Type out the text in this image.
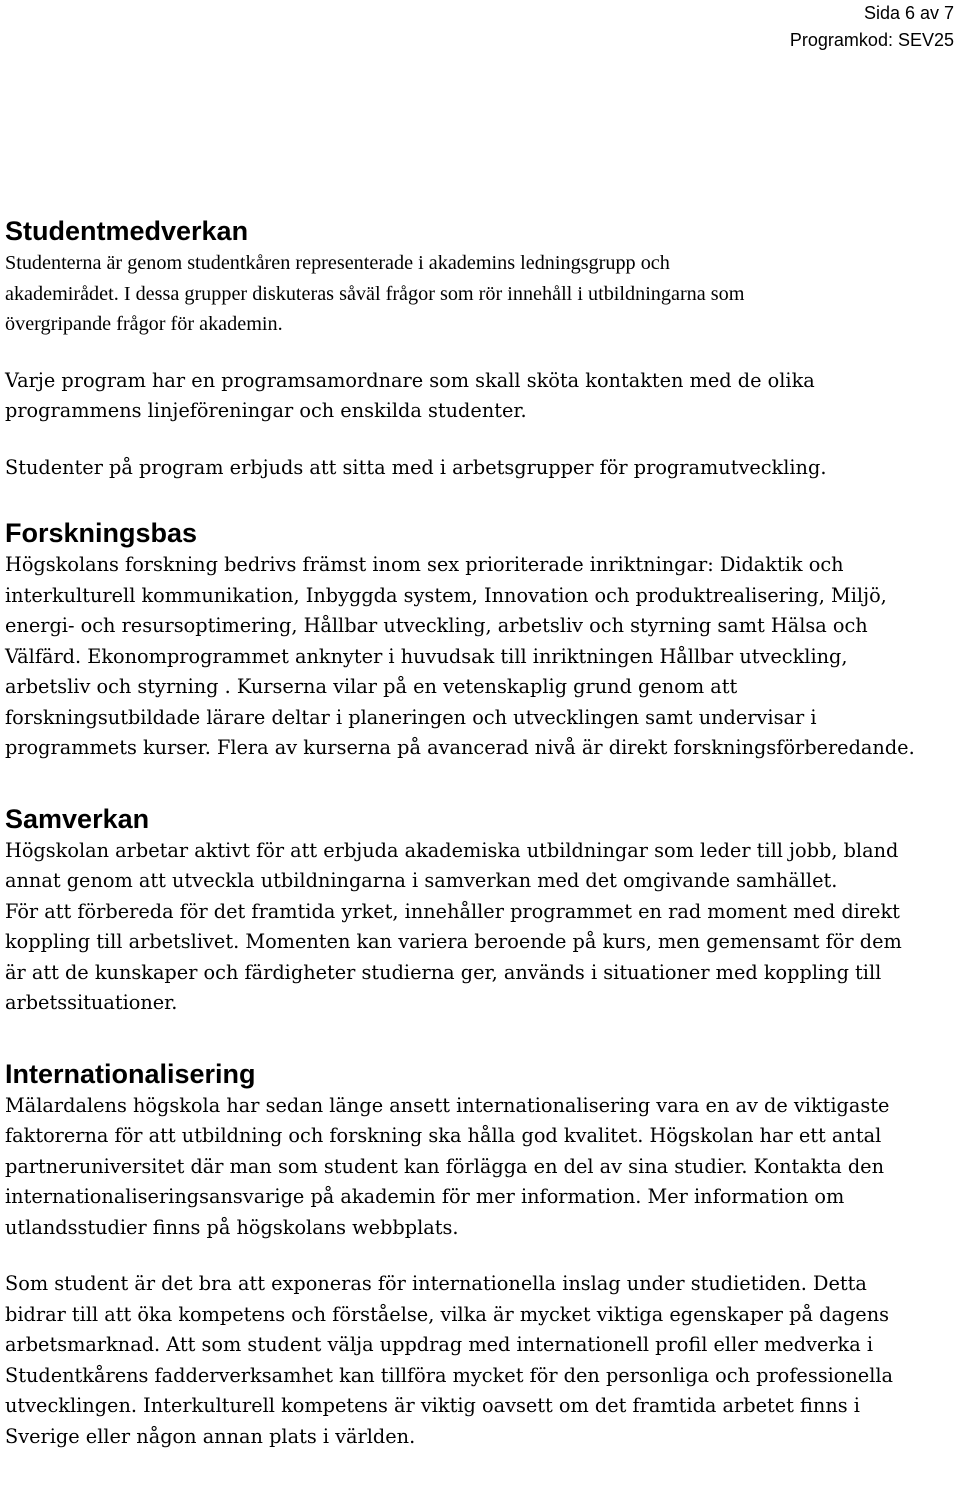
Sida 6 av 7
Programkod: SEV25
Studentmedverkan

Studenterna är genom studentkåren representerade i akademins ledningsgrupp och
akademirådet. I dessa grupper diskuteras såväl frågor som rör innehåll i utbildningarna som
övergripande frågor för akademin.

Varje program har en programsamordnare som skall sköta kontakten med de olika
programmens linjeföreningar och enskilda studenter.

Studenter på program erbjuds att sitta med i arbetsgrupper för programutveckling.

Forskningsbas

Högskolans forskning bedrivs främst inom sex prioriterade inriktningar: Didaktik och
interkulturell kommunikation, Inbyggda system, Innovation och produktrealisering, Miljö,
energi- och resursoptimering, Hållbar utveckling, arbetsliv och styrning samt Hälsa och
Välfärd. Ekonomprogrammet anknyter i huvudsak till inriktningen Hållbar utveckling,
arbetsliv och styrning . Kurserna vilar på en vetenskaplig grund genom att
forskningsutbildade lärare deltar i planeringen och utvecklingen samt undervisar i
programmets kurser. Flera av kurserna på avancerad nivå är direkt forskningsförberedande.

Samverkan

Högskolan arbetar aktivt för att erbjuda akademiska utbildningar som leder till jobb, bland
annat genom att utveckla utbildningarna i samverkan med det omgivande samhället.
För att förbereda för det framtida yrket, innehåller programmet en rad moment med direkt
koppling till arbetslivet. Momenten kan variera beroende på kurs, men gemensamt för dem
är att de kunskaper och färdigheter studierna ger, används i situationer med koppling till
arbetssituationer.

Internationalisering

Mälardalens högskola har sedan länge ansett internationalisering vara en av de viktigaste
faktorerna för att utbildning och forskning ska hålla god kvalitet. Högskolan har ett antal
partneruniversitet där man som student kan förlägga en del av sina studier. Kontakta den
internationaliseringsansvarige på akademin för mer information. Mer information om
utlandsstudier finns på högskolans webbplats.

Som student är det bra att exponeras för internationella inslag under studietiden. Detta
bidrar till att öka kompetens och förståelse, vilka är mycket viktiga egenskaper på dagens
arbetsmarknad. Att som student välja uppdrag med internationell profil eller medverka i
Studentkårens fadderverksamhet kan tillföra mycket för den personliga och professionella
utvecklingen. Interkulturell kompetens är viktig oavsett om det framtida arbetet finns i
Sverige eller någon annan plats i världen.
